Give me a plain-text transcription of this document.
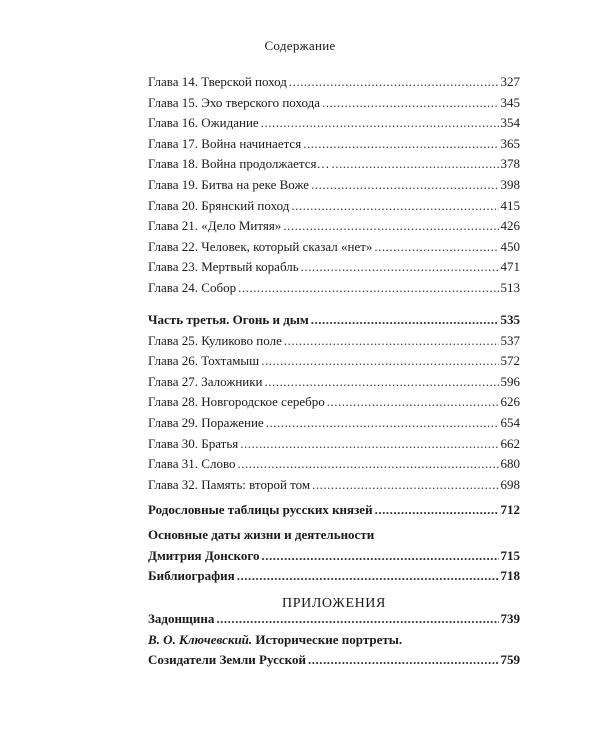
Содержание
Глава 14. Тверской поход .....	327
Глава 15. Эхо тверского похода .....	345
Глава 16. Ожидание .....	354
Глава 17. Война начинается .....	365
Глава 18. Война продолжается… .....	378
Глава 19. Битва на реке Воже .....	398
Глава 20. Брянский поход .....	415
Глава 21. «Дело Митяя» .....	426
Глава 22. Человек, который сказал «нет» .....	450
Глава 23. Мертвый корабль .....	471
Глава 24. Собор .....	513
Часть третья. Огонь и дым .....	535
Глава 25. Куликово поле .....	537
Глава 26. Тохтамыш .....	572
Глава 27. Заложники .....	596
Глава 28. Новгородское серебро .....	626
Глава 29. Поражение .....	654
Глава 30. Братья .....	662
Глава 31. Слово .....	680
Глава 32. Память: второй том .....	698
Родословные таблицы русских князей .....	712
Основные даты жизни и деятельности
Дмитрия Донского .....	715
Библиография .....	718
ПРИЛОЖЕНИЯ
Задонщина .....	739
В. О. Ключевский. Исторические портреты.
Созидатели Земли Русской .....	759
